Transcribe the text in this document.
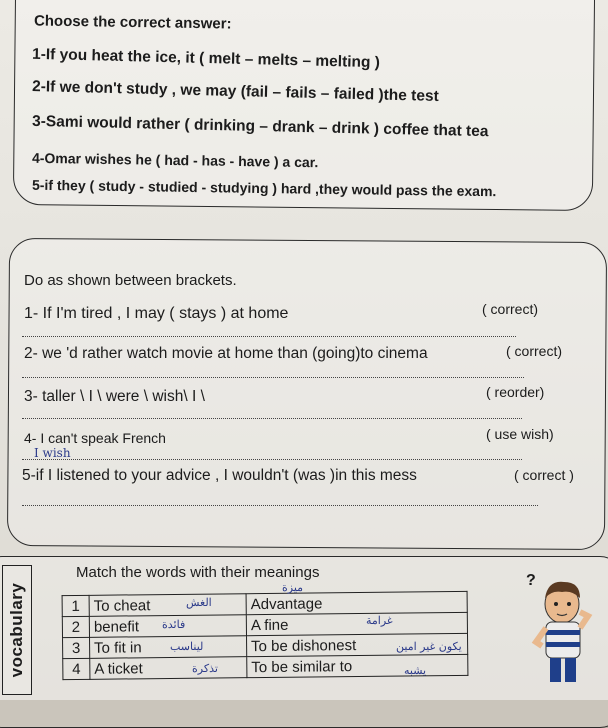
Choose the correct answer:
1-If you heat the ice, it ( melt – melts – melting )
2-If we don't study , we may (fail – fails – failed )the test
3-Sami would rather ( drinking – drank – drink ) coffee that tea
4-Omar wishes he ( had - has - have ) a car.
5-if they ( study - studied - studying ) hard ,they would pass the exam.
Do as shown between brackets.
1- If I'm tired , I may ( stays ) at home	( correct)
2- we 'd rather watch movie at home than (going)to cinema	( correct)
3- taller \ I \ were \ wish\ I \	( reorder)
4- I can't speak French	( use wish)
I wish
5-if I listened to your advice , I wouldn't (was )in this mess	( correct )
vocabulary
Match the words with their meanings
1	To cheat	Advantage
2	benefit	A fine
3	To fit in	To be dishonest
4	A ticket	To be similar to
الغش
فائدة
ليناسب
تذكرة
ميزة
غرامة
يكون غير امين
يشبه
?
